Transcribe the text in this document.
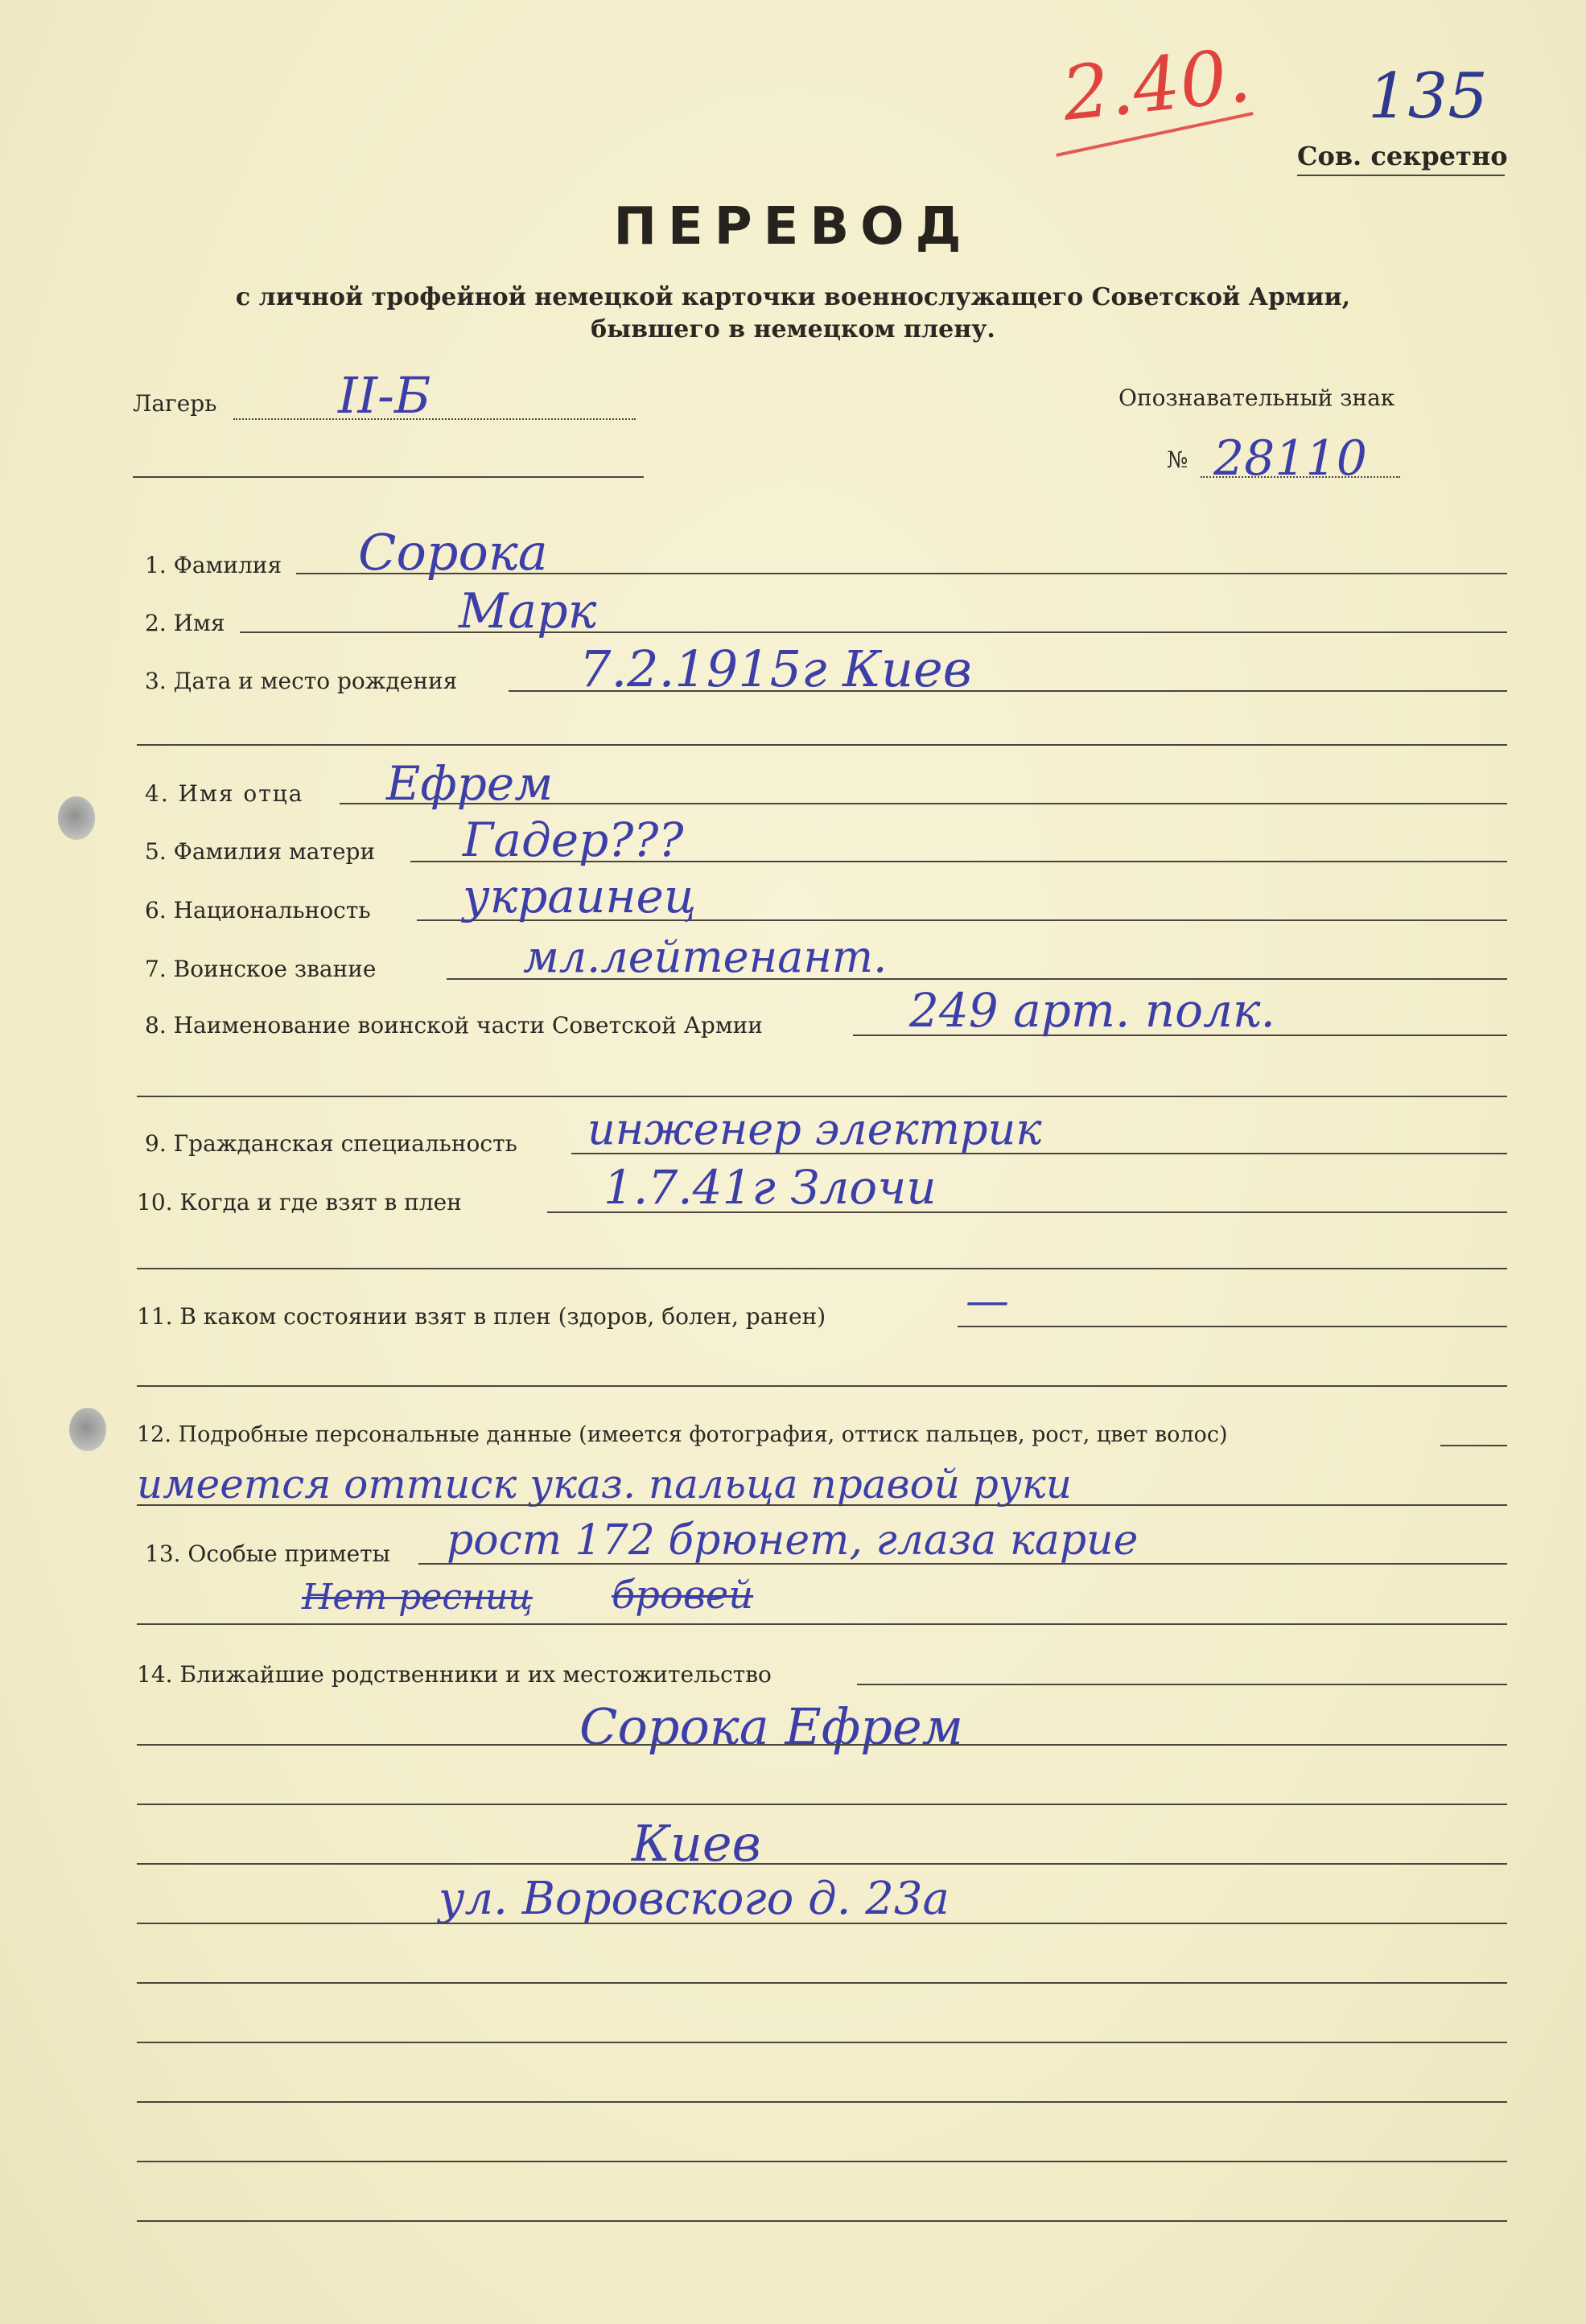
2.40. 135
Сов. секретно
ПЕРЕВОД
с личной трофейной немецкой карточки военнослужащего Советской Армии,
бывшего в немецком плену.
Лагерь II-Б	Опознавательный знак
№ 28110
1. Фамилия Сорока
2. Имя	Марк
3. Дата и место рождения 7.2.1915г Киев
4. Имя отца Ефрем
5. Фамилия матери Гадер???
6. Национальность украинец
7. Воинское звание	мл.лейтенант.
8. Наименование воинской части Советской Армии	249 арт. полк.
9. Гражданская специальность инженер электрик
10. Когда и где взят в плен	1.7.41г Злочи
11. В каком состоянии взят в плен (здоров, болен, ранен)	—
12. Подробные персональные данные (имеется фотография, оттиск пальцев, рост, цвет волос)
имеется оттиск указ. пальца правой руки
13. Особые приметы рост 172 брюнет, глаза карие
Нет ресниц бровей
14. Ближайшие родственники и их местожительство
Сорока Ефрем
Киев
ул. Воровского д. 23а
